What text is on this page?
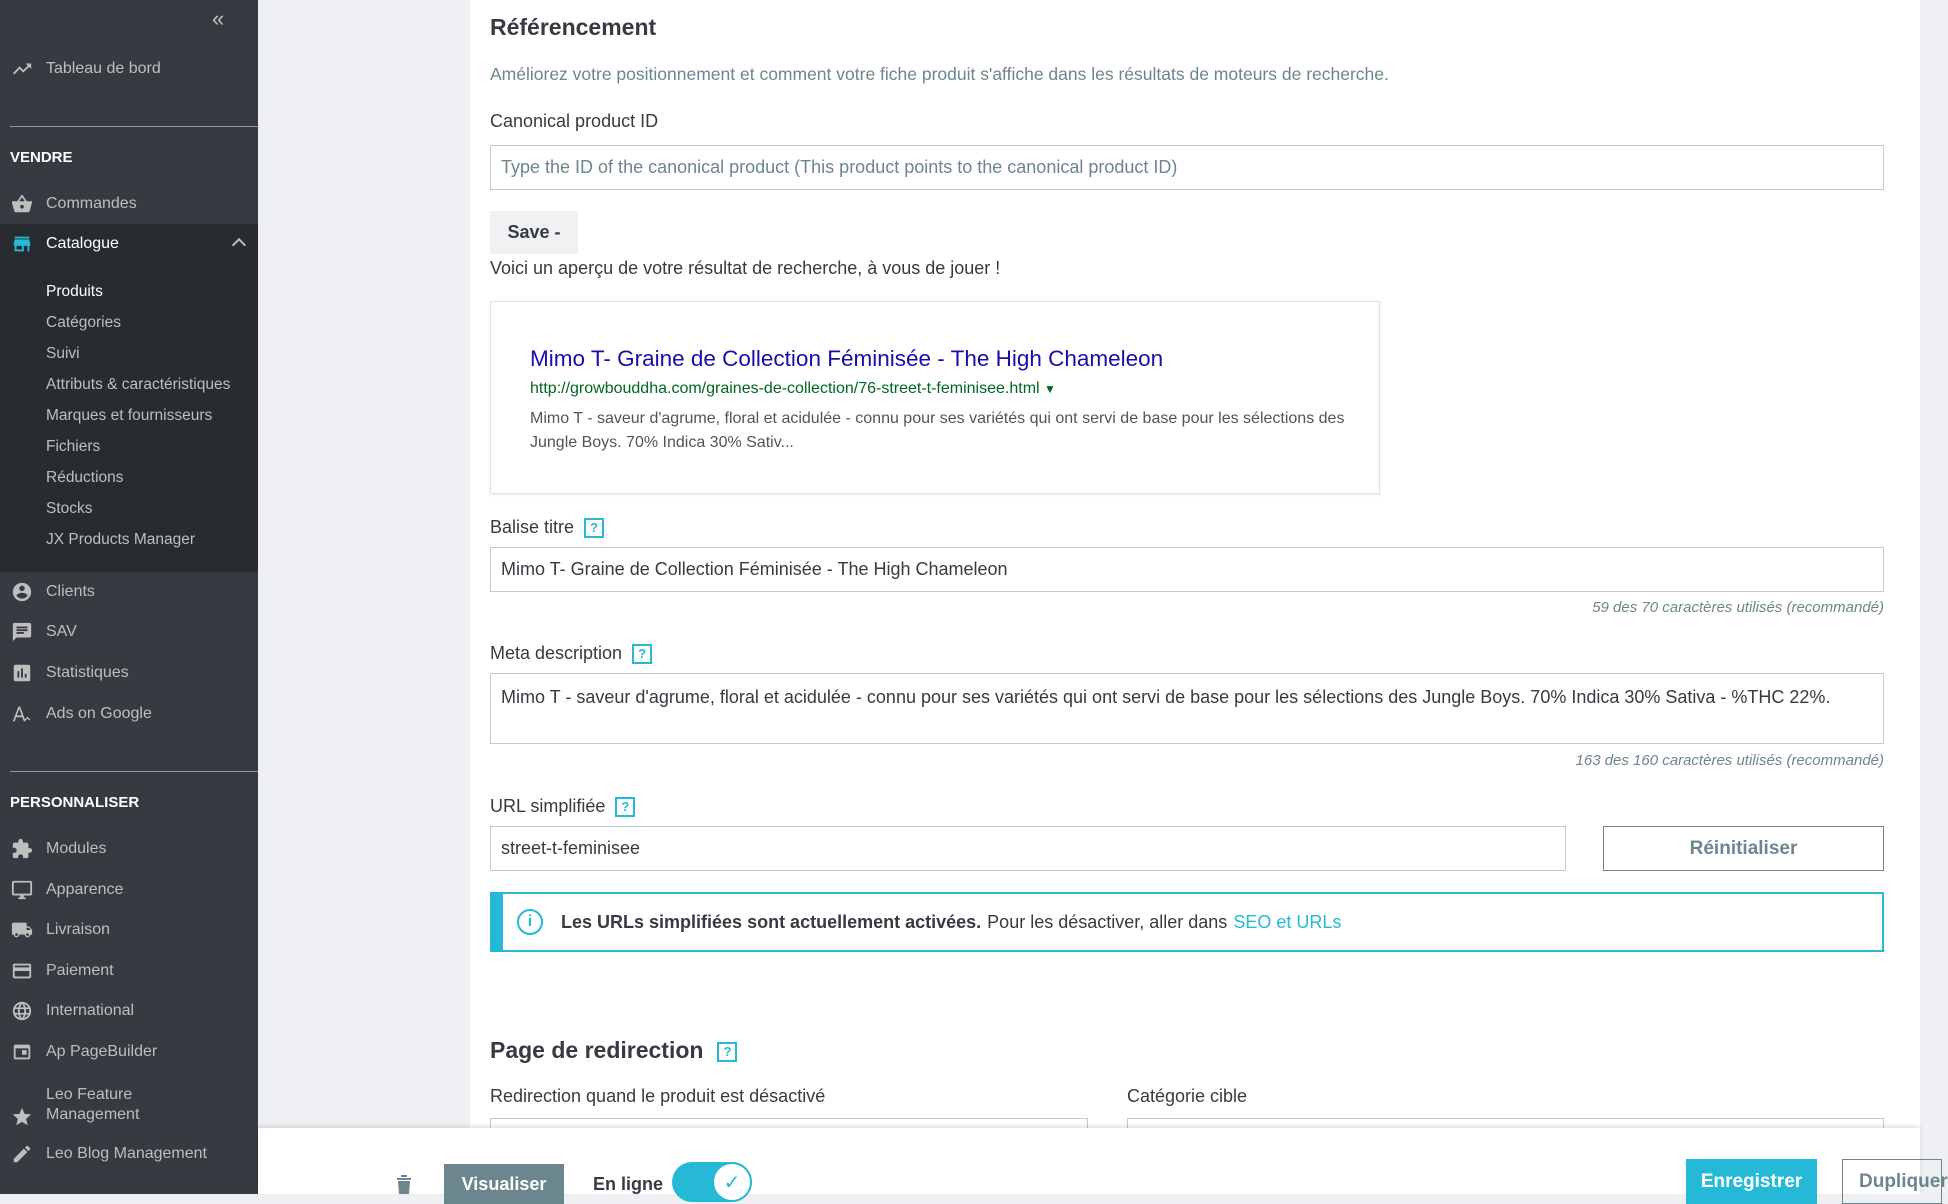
«
Tableau de bord
VENDRE
Commandes
Catalogue
Produits
Catégories
Suivi
Attributs & caractéristiques
Marques et fournisseurs
Fichiers
Réductions
Stocks
JX Products Manager
Clients
SAV
Statistiques
Ads on Google
PERSONNALISER
Modules
Apparence
Livraison
Paiement
International
Ap PageBuilder
Leo Feature Management
Leo Blog Management
Référencement
Améliorez votre positionnement et comment votre fiche produit s'affiche dans les résultats de moteurs de recherche.
Canonical product ID
Type the ID of the canonical product (This product points to the canonical product ID)
Save -
Voici un aperçu de votre résultat de recherche, à vous de jouer !
Mimo T- Graine de Collection Féminisée - The High Chameleon
http://growbouddha.com/graines-de-collection/76-street-t-feminisee.html ▼
Mimo T - saveur d'agrume, floral et acidulée - connu pour ses variétés qui ont servi de base pour les sélections des Jungle Boys. 70% Indica 30% Sativ...
Balise titre ?
Mimo T- Graine de Collection Féminisée - The High Chameleon
59 des 70 caractères utilisés (recommandé)
Meta description ?
Mimo T - saveur d'agrume, floral et acidulée - connu pour ses variétés qui ont servi de base pour les sélections des Jungle Boys. 70% Indica 30% Sativa - %THC 22%.
163 des 160 caractères utilisés (recommandé)
URL simplifiée ?
street-t-feminisee	Réinitialiser
i	Les URLs simplifiées sont actuellement activées. Pour les désactiver, aller dans SEO et URLs
Page de redirection ?
Redirection quand le produit est désactivé	Catégorie cible
Visualiser	En ligne	✓	Enregistrer	Dupliquer
